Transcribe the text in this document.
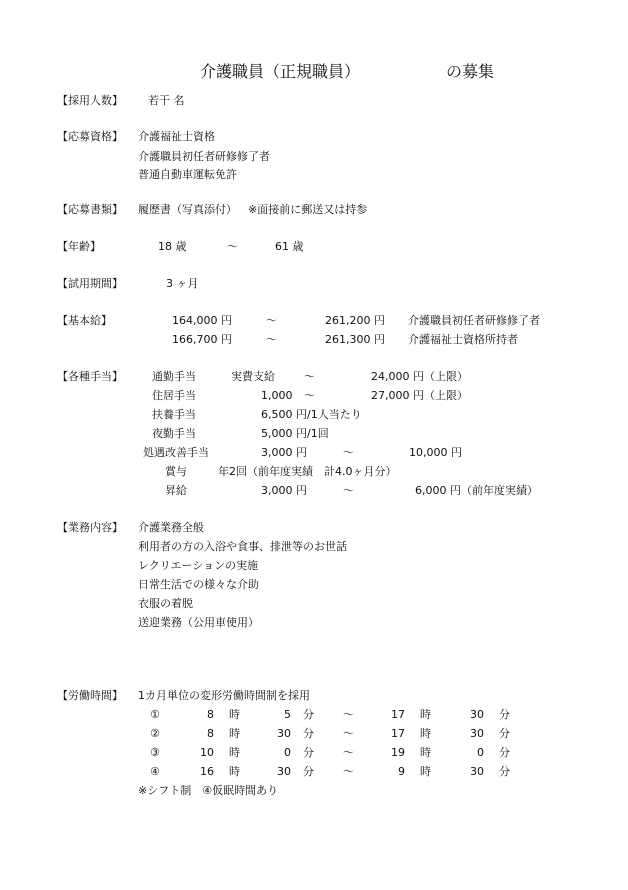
介護職員（正規職員）	の募集
【採用人数】 若干 名
【応募資格】 介護福祉士資格
介護職員初任者研修修了者
普通自動車運転免許
【応募書類】 履歴書（写真添付） ※面接前に郵送又は持参
【年齢】	18 歳	～	61 歳
【試用期間】	3 ヶ月
【基本給】	164,000 円	～	261,200 円 介護職員初任者研修修了者
166,700 円	～	261,300 円 介護福祉士資格所持者
【各種手当】	通勤手当	実費支給	～	24,000 円（上限）
住居手当	1,000 ～	27,000 円（上限）
扶養手当	6,500 円/1人当たり
夜勤手当	5,000 円/1回
処遇改善手当	3,000 円	～	10,000 円
賞与	年2回（前年度実績　計4.0ヶ月分）
昇給	3,000 円	～	6,000 円（前年度実績）
【業務内容】 介護業務全般
利用者の方の入浴や食事、排泄等のお世話
レクリエーションの実施
日常生活での様々な介助
衣服の着脱
送迎業務（公用車使用）
【労働時間】 1カ月単位の変形労働時間制を採用
①	8 時	5 分	～	17 時	30 分
②	8 時	30 分	～	17 時	30 分
③	10 時	0 分	～	19 時	0 分
④	16 時	30 分	～	9 時	30 分
※シフト制　④仮眠時間あり
